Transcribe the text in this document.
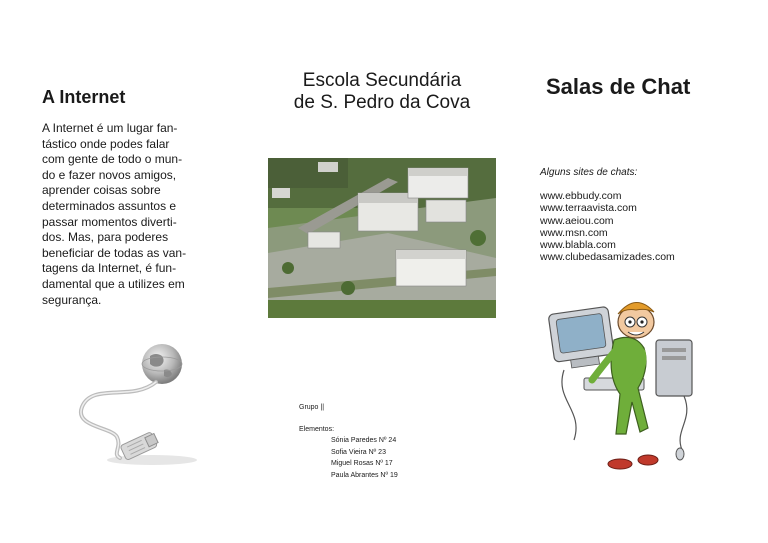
A Internet

A Internet é um lugar fan-
tástico onde podes falar
com gente de todo o mun-
do e fazer novos amigos,
aprender coisas sobre
determinados assuntos e
passar momentos diverti-
dos. Mas, para poderes
beneficiar de todas as van-
tagens da Internet, é fun-
damental que a utilizes em
segurança.

Escola Secundária
de S. Pedro da Cova
Grupo ||
Elementos:
Sónia Paredes Nº 24
Sofia Vieira Nº 23
Miguel Rosas Nº 17
Paula Abrantes Nº 19
Salas de Chat
Alguns sites de chats:
www.ebbudy.com
www.terraavista.com
www.aeiou.com
www.msn.com
www.blabla.com
www.clubedasamizades.com
